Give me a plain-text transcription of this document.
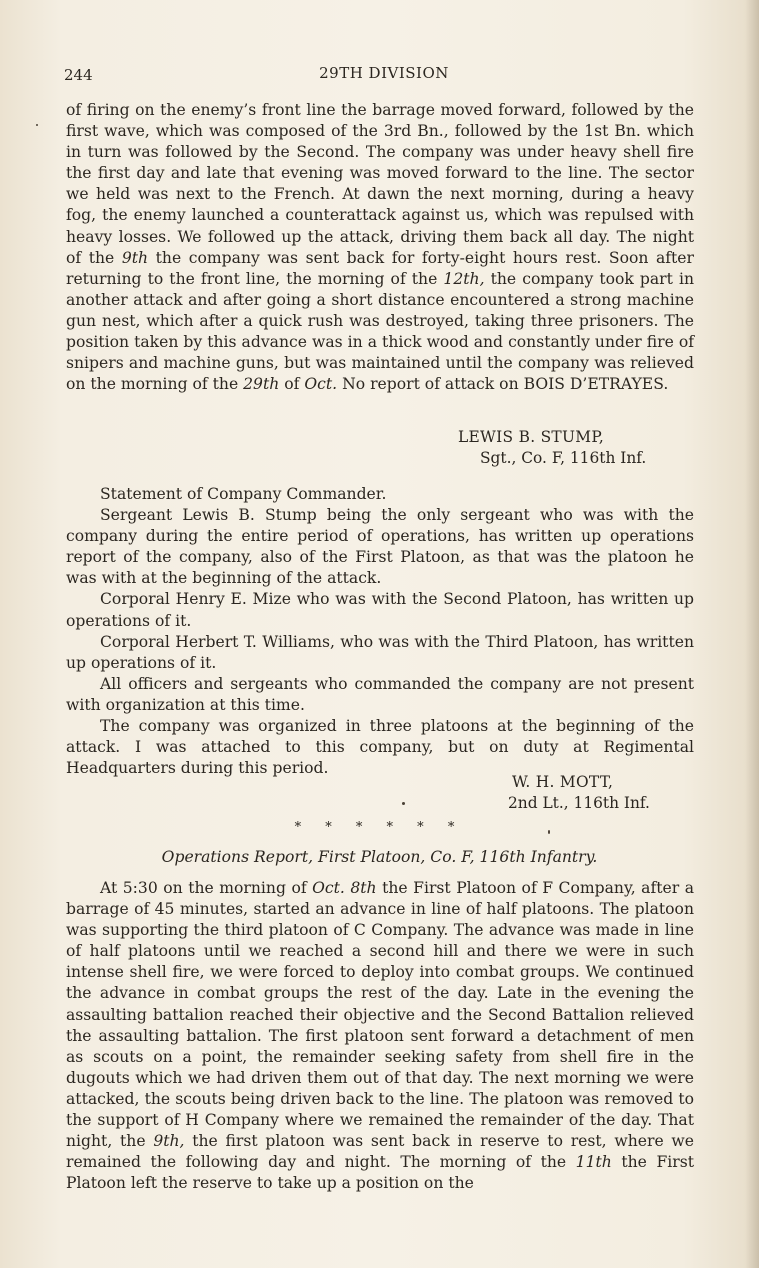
244	29TH DIVISION

of firing on the enemy’s front line the barrage moved forward, followed by the first wave, which was composed of the 3rd Bn., followed by the 1st Bn. which in turn was followed by the Second. The company was under heavy shell fire the first day and late that evening was moved forward to the line. The sector we held was next to the French. At dawn the next morning, during a heavy fog, the enemy launched a counterattack against us, which was repulsed with heavy losses. We followed up the attack, driving them back all day. The night of the 9th the company was sent back for forty-eight hours rest. Soon after returning to the front line, the morning of the 12th, the company took part in another attack and after going a short distance encountered a strong machine gun nest, which after a quick rush was destroyed, taking three prisoners. The position taken by this advance was in a thick wood and constantly under fire of snipers and machine guns, but was maintained until the company was relieved on the morning of the 29th of Oct. No report of attack on BOIS D’ETRAYES.

LEWIS B. STUMP,
Sgt., Co. F, 116th Inf.

Statement of Company Commander.

Sergeant Lewis B. Stump being the only sergeant who was with the company during the entire period of operations, has written up operations report of the company, also of the First Platoon, as that was the platoon he was with at the beginning of the attack.

Corporal Henry E. Mize who was with the Second Platoon, has written up operations of it.

Corporal Herbert T. Williams, who was with the Third Platoon, has written up operations of it.

All officers and sergeants who commanded the company are not present with organization at this time.

The company was organized in three platoons at the beginning of the attack. I was attached to this company, but on duty at Regimental Headquarters during this period.

W. H. MOTT,
2nd Lt., 116th Inf.
* * * * * *
Operations Report, First Platoon, Co. F, 116th Infantry.

At 5:30 on the morning of Oct. 8th the First Platoon of F Company, after a barrage of 45 minutes, started an advance in line of half platoons. The platoon was supporting the third platoon of C Company. The advance was made in line of half platoons until we reached a second hill and there we were in such intense shell fire, we were forced to deploy into combat groups. We continued the advance in combat groups the rest of the day. Late in the evening the assaulting battalion reached their objective and the Second Battalion relieved the assaulting battalion. The first platoon sent forward a detachment of men as scouts on a point, the remainder seeking safety from shell fire in the dugouts which we had driven them out of that day. The next morning we were attacked, the scouts being driven back to the line. The platoon was removed to the support of H Company where we remained the remainder of the day. That night, the 9th, the first platoon was sent back in reserve to rest, where we remained the following day and night. The morning of the 11th the First Platoon left the reserve to take up a position on the
